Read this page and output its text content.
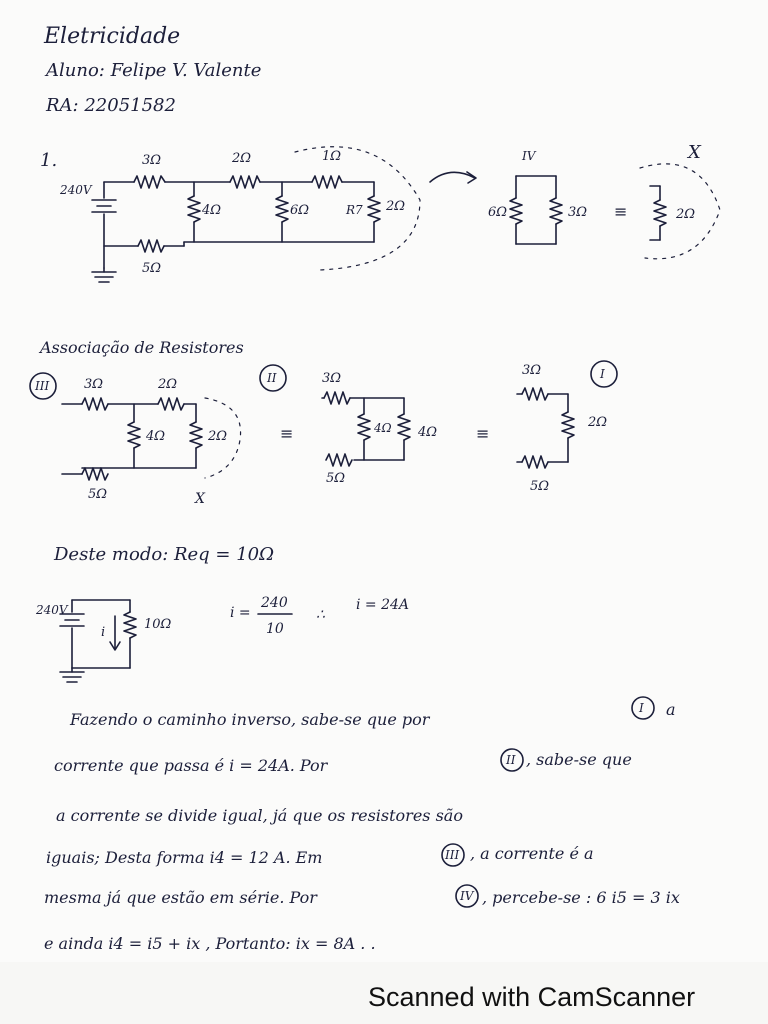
Eletricidade
Aluno: Felipe V. Valente
RA: 22051582
1.
240V
3Ω	2Ω	1Ω
4Ω	6Ω	R7 2Ω
5Ω
IV
6Ω	3Ω ≡	2Ω
X
Associação de Resistores
III	3Ω	2Ω
4Ω	2Ω
5Ω	X
≡
II	3Ω
4Ω 4Ω
5Ω
≡
I
3Ω
2Ω
5Ω
Deste modo: Req = 10Ω
240V
10Ω
i
i =
240
10
∴
i = 24A
Fazendo o caminho inverso, sabe-se que por
I a
corrente que passa é i = 24A. Por	II , sabe-se que
a corrente se divide igual, já que os resistores são
iguais; Desta forma i4 = 12 A. Em	III , a corrente é a
mesma já que estão em série. Por	IV , percebe-se : 6 i5 = 3 ix
e ainda i4 = i5 + ix , Portanto: ix = 8A . .
Scanned with CamScanner
